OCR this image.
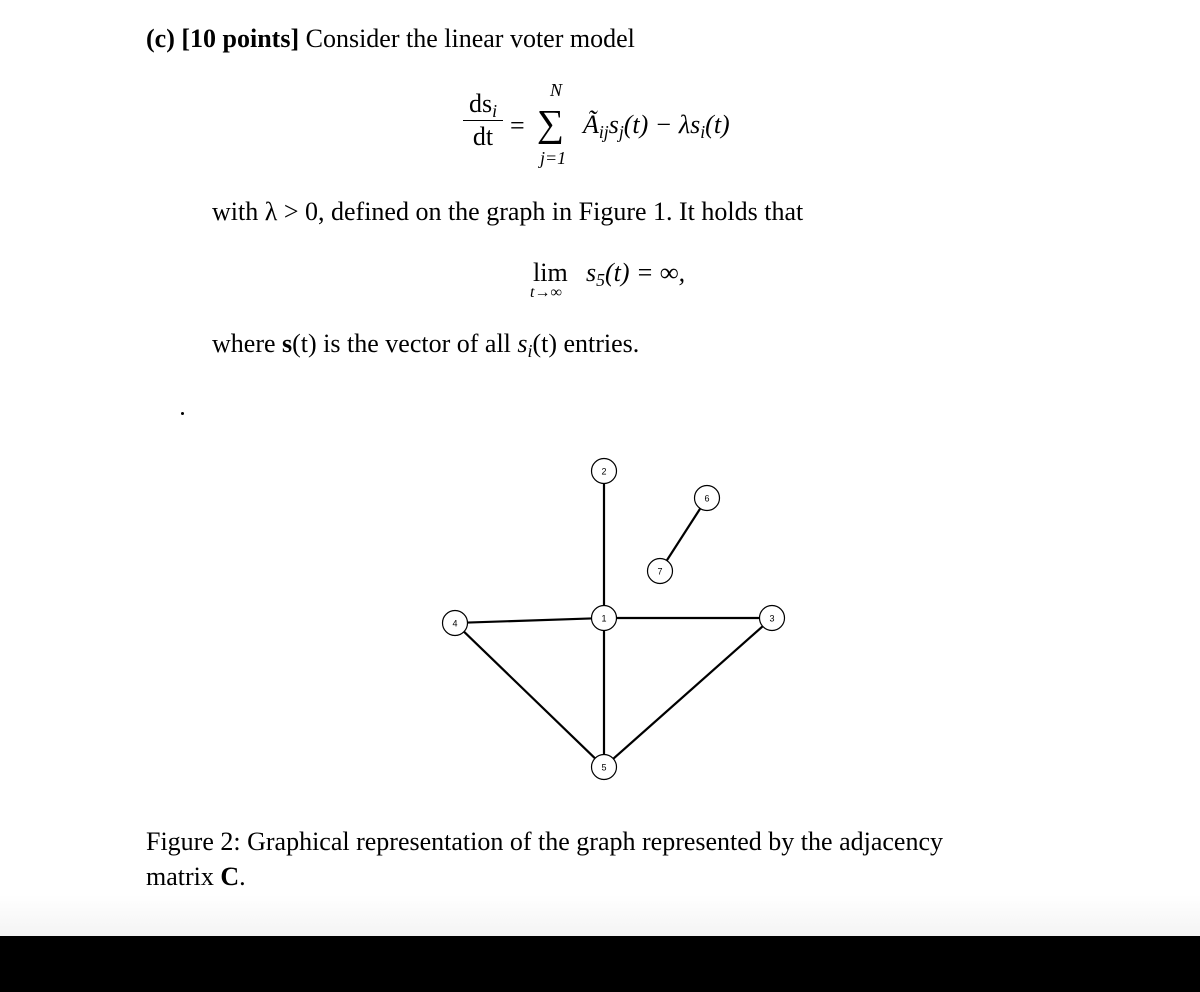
(c) [10 points] Consider the linear voter model
$ds_i$
dt =
N
∑
j=1
$Ã_{ij}s_j(t) - \lambda s_i(t)$
with λ > 0, defined on the graph in Figure 1. It holds that
lim
t→∞
$s_5(t)$ = ∞,
where s(t) is the vector of all $s_i(t)$ entries.
1
2
3
4
5
6
7
Figure 2: Graphical representation of the graph represented by the adjacency
matrix C.
